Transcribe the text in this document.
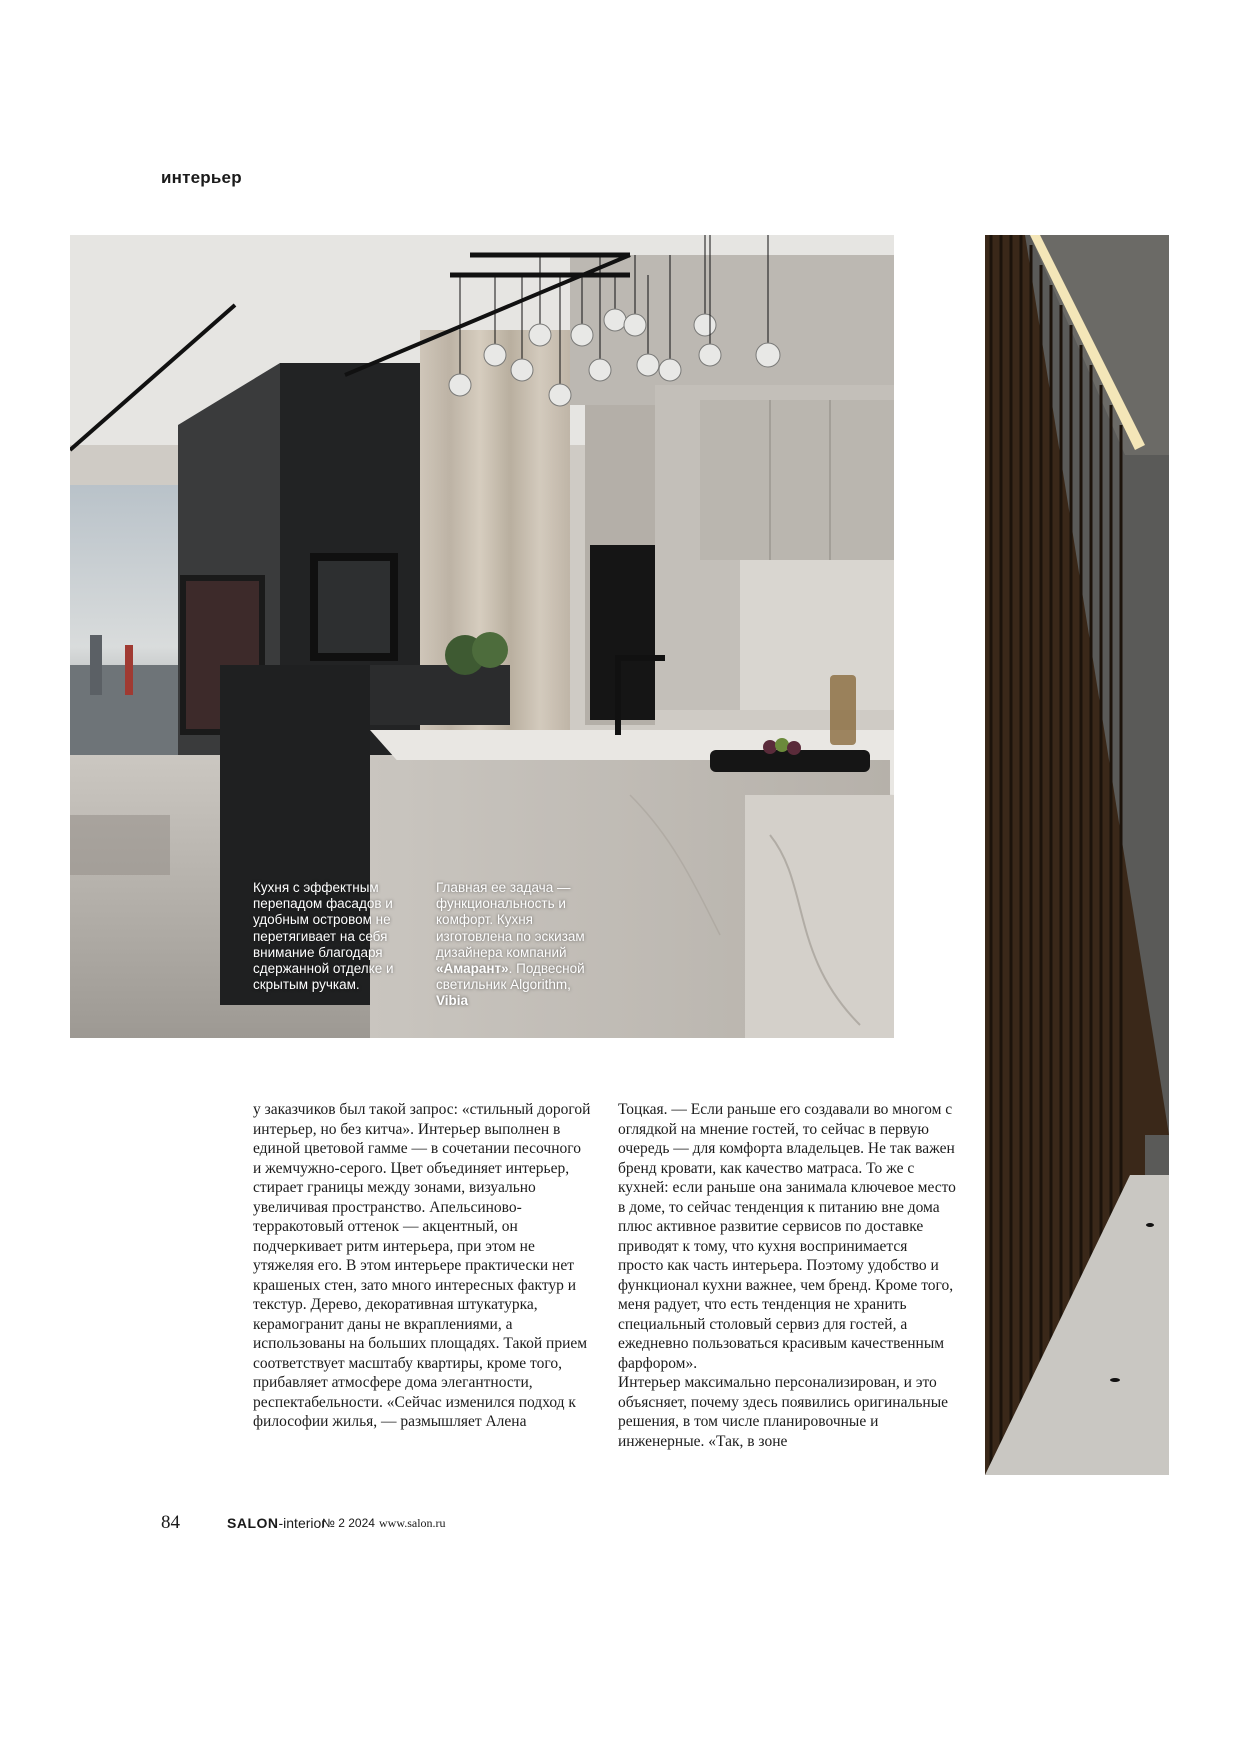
интерьер

Кухня с эффектным перепадом фасадов и удобным островом не перетягивает на себя внимание благодаря сдержанной отделке и скрытым ручкам.

Главная ее задача — функциональность и комфорт. Кухня изготовлена по эскизам дизайнера компаний «Амарант». Подвесной светильник Algorithm, Vibia

у заказчиков был такой запрос: «стильный дорогой интерьер, но без китча». Интерьер выполнен в единой цветовой гамме — в сочетании песочного и жемчужно-серого. Цвет объединяет интерьер, стирает границы между зонами, визуально увеличивая пространство. Апельсиново-терракотовый оттенок — акцентный, он подчеркивает ритм интерьера, при этом не утяжеляя его. В этом интерьере практически нет крашеных стен, зато много интересных фактур и текстур. Дерево, декоративная штукатурка, керамогранит даны не вкраплениями, а использованы на больших площадях. Такой прием соответствует масштабу квартиры, кроме того, прибавляет атмосфере дома элегантности, респектабельности. «Сейчас изменился подход к философии жилья, — размышляет Алена

Тоцкая. — Если раньше его создавали во многом с оглядкой на мнение гостей, то сейчас в первую очередь — для комфорта владельцев. Не так важен бренд кровати, как качество матраса. То же с кухней: если раньше она занимала ключевое место в доме, то сейчас тенденция к питанию вне дома плюс активное развитие сервисов по доставке приводят к тому, что кухня воспринимается просто как часть интерьера. Поэтому удобство и функционал кухни важнее, чем бренд. Кроме того, меня радует, что есть тенденция не хранить специальный столовый сервиз для гостей, а ежедневно пользоваться красивым качественным фарфором».

Интерьер максимально персонализирован, и это объясняет, почему здесь появились оригинальные решения, в том числе планировочные и инженерные. «Так, в зоне

84	SALON-interior
№ 2 2024 www.salon.ru
